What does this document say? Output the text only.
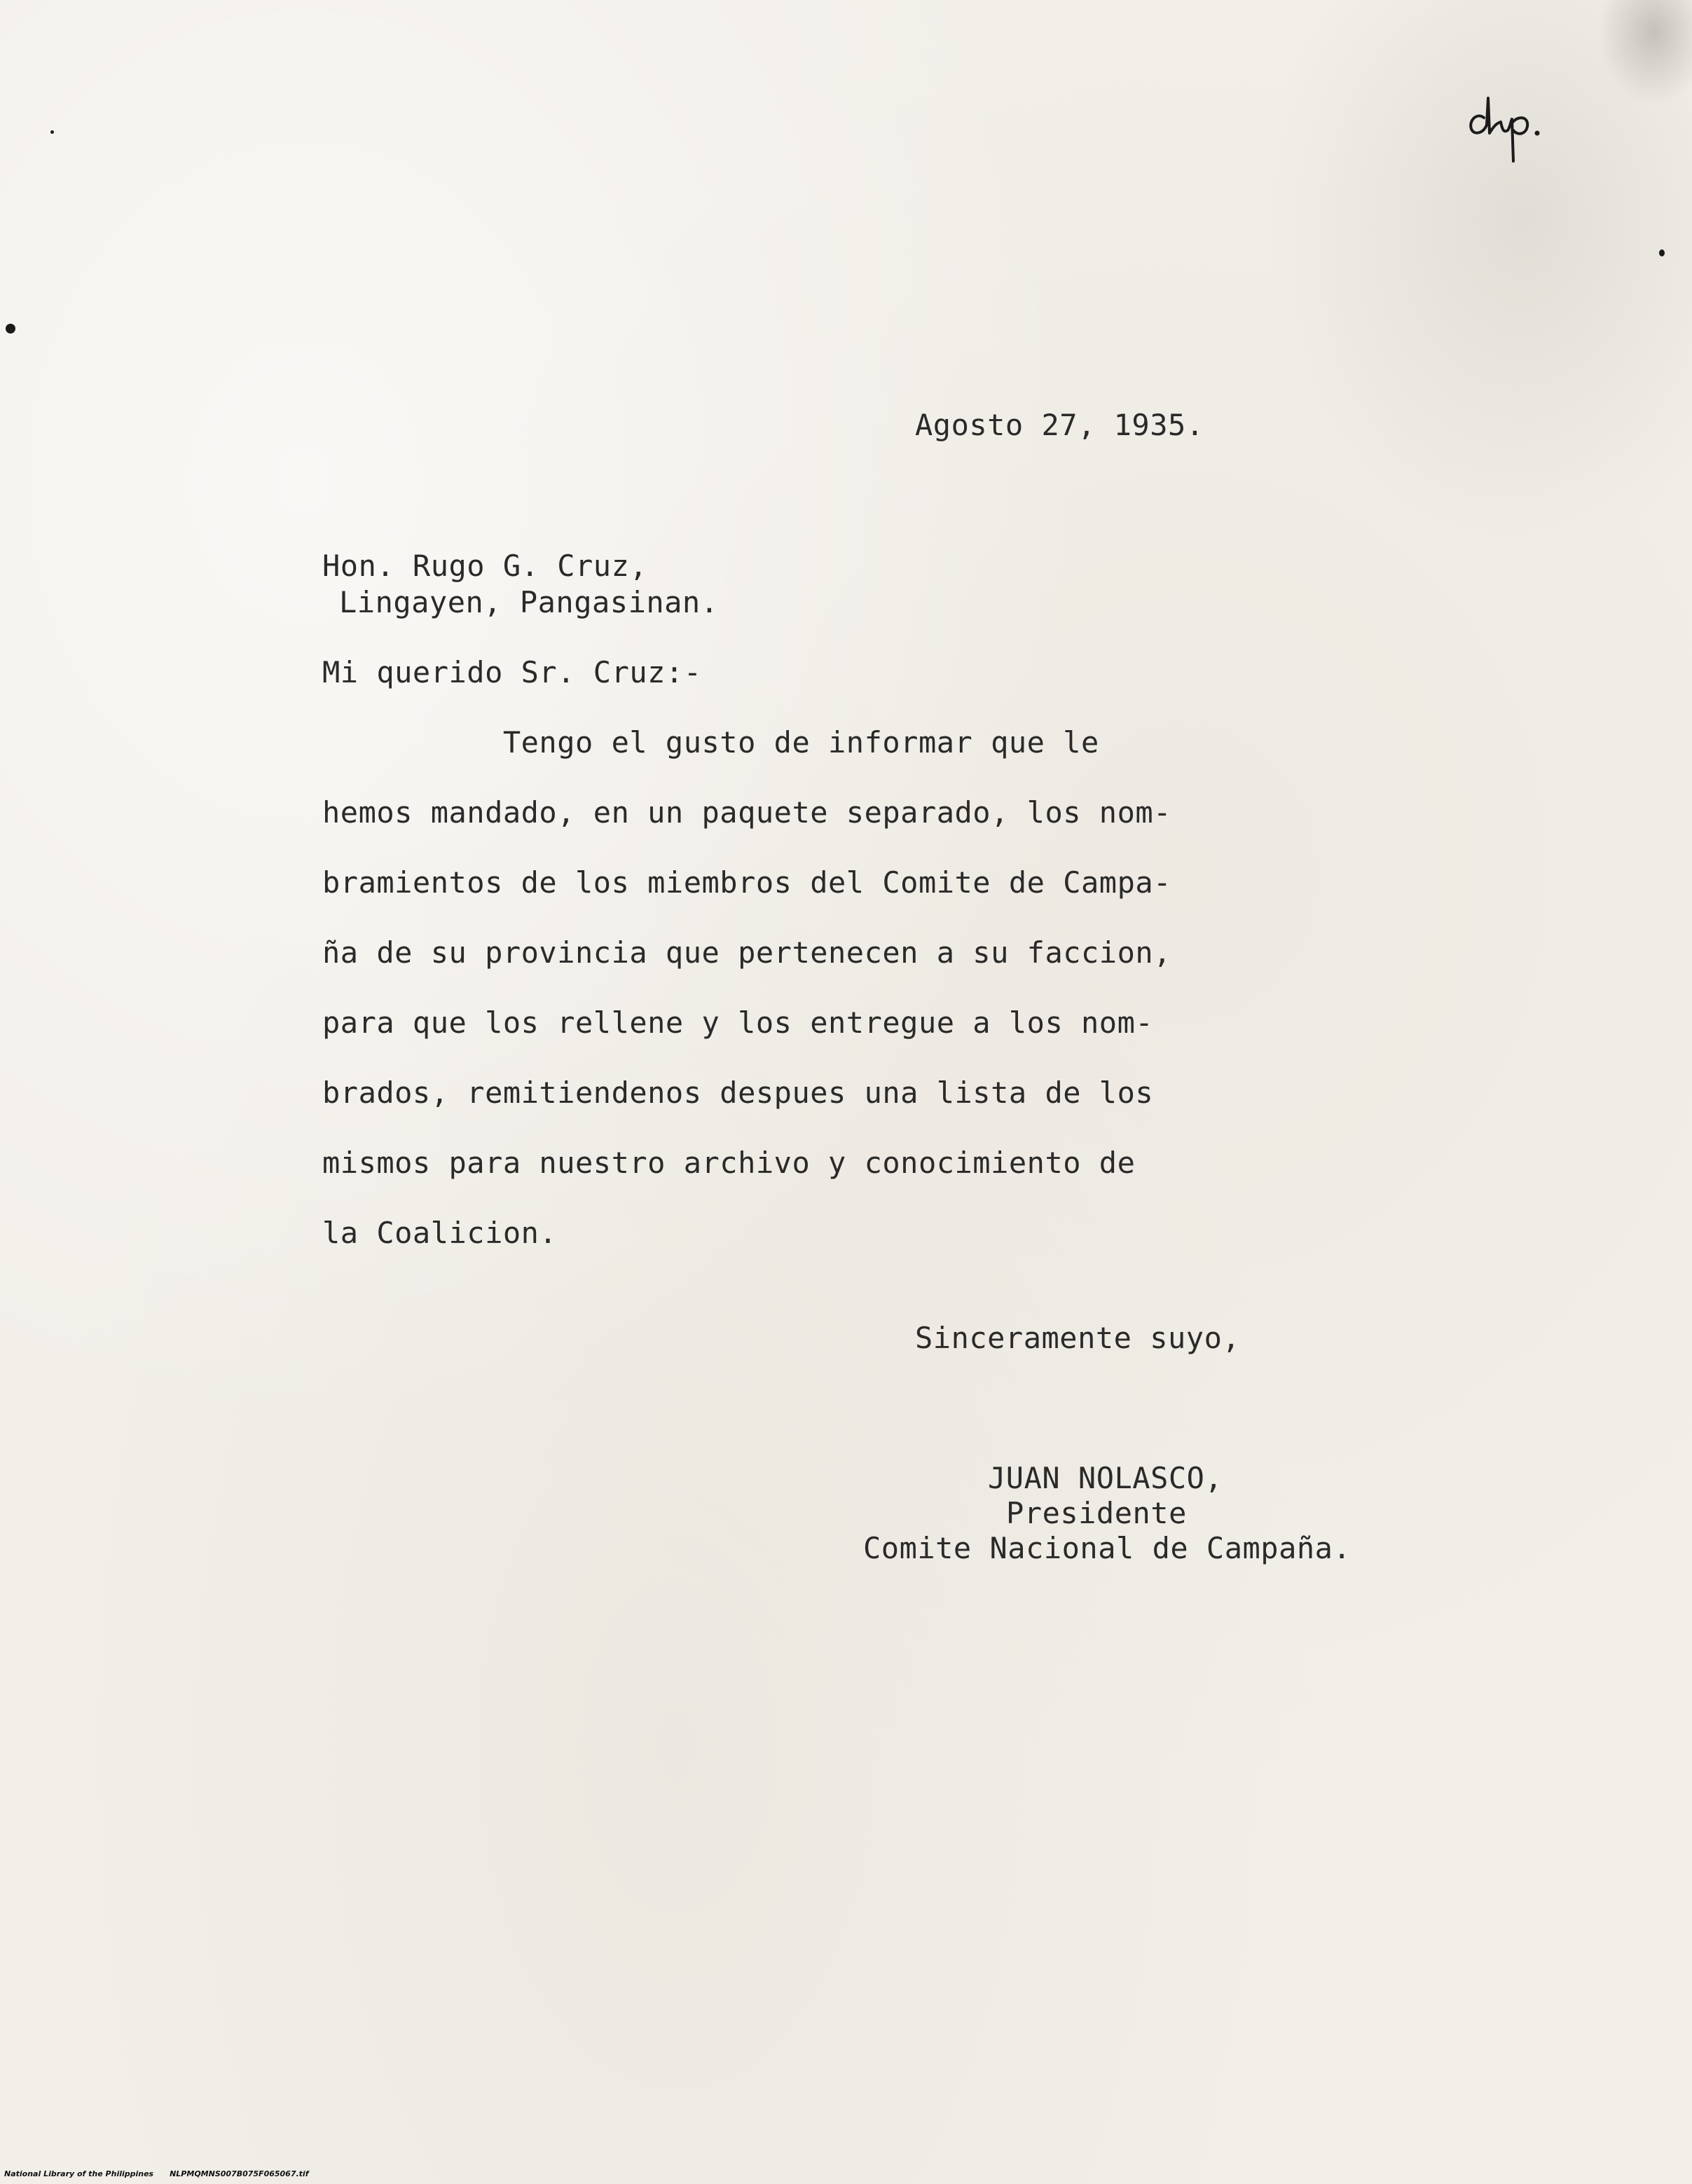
Agosto 27, 1935.
Hon. Rugo G. Cruz,
Lingayen, Pangasinan.
Mi querido Sr. Cruz:-
Tengo el gusto de informar que le
hemos mandado, en un paquete separado, los nom-
bramientos de los miembros del Comite de Campa-
ña de su provincia que pertenecen a su faccion,
para que los rellene y los entregue a los nom-
brados, remitiendenos despues una lista de los
mismos para nuestro archivo y conocimiento de
la Coalicion.
Sinceramente suyo,
JUAN NOLASCO,
Presidente
Comite Nacional de Campaña.
National Library of the Philippines NLPMQMNS007B075F065067.tif
